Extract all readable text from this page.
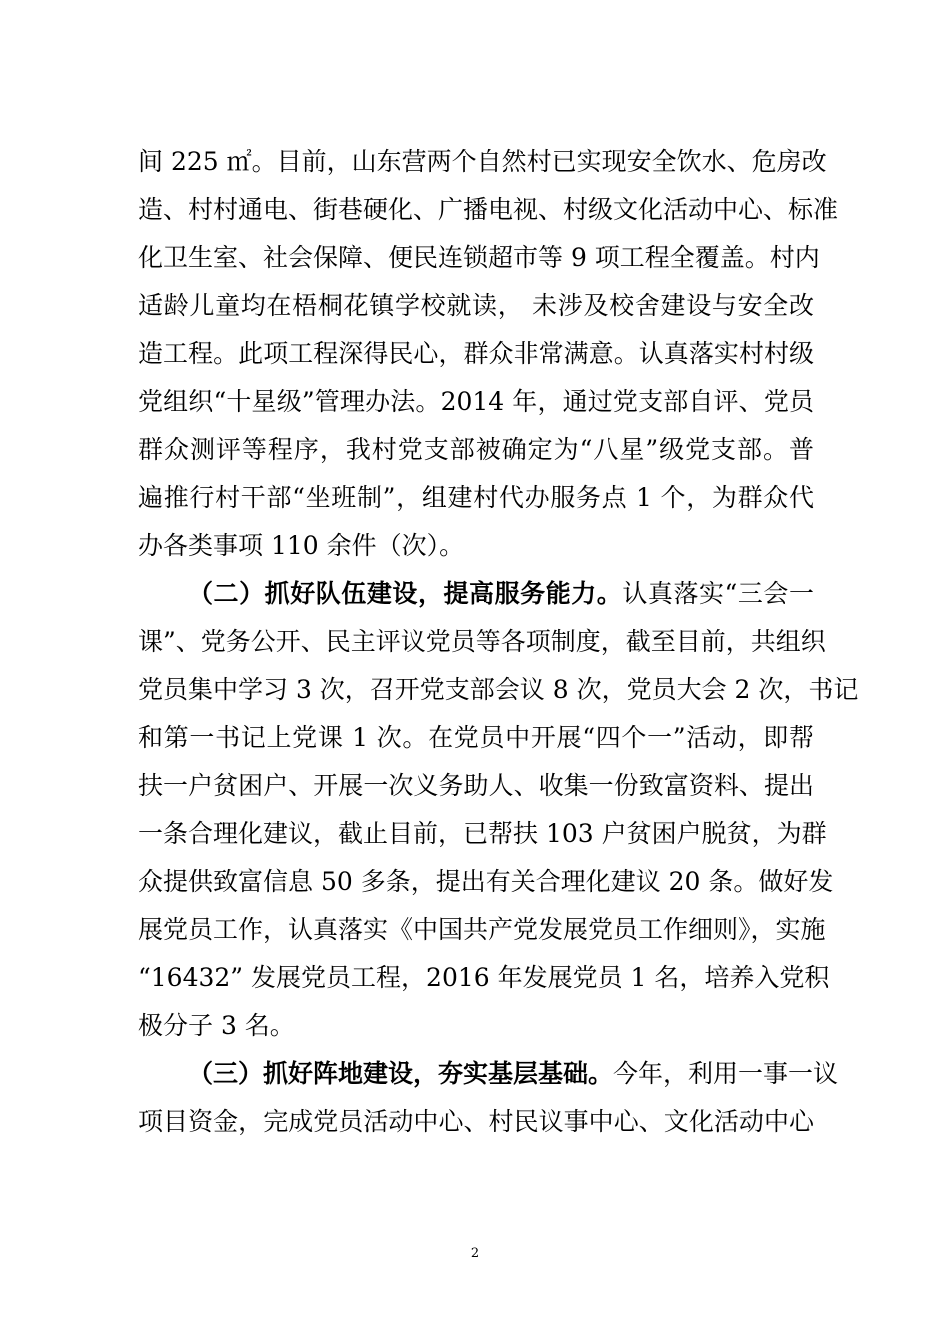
间 225 ㎡。目前，山东营两个自然村已实现安全饮水、危房改
造、村村通电、街巷硬化、广播电视、村级文化活动中心、标准
化卫生室、社会保障、便民连锁超市等 9 项工程全覆盖。村内
适龄儿童均在梧桐花镇学校就读， 未涉及校舍建设与安全改
造工程。此项工程深得民心，群众非常满意。认真落实村村级
党组织“十星级”管理办法。2014 年，通过党支部自评、党员
群众测评等程序，我村党支部被确定为“八星”级党支部。普
遍推行村干部“坐班制”，组建村代办服务点 1 个，为群众代
办各类事项 110 余件（次）。
（二）抓好队伍建设，提高服务能力。认真落实“三会一
课”、党务公开、民主评议党员等各项制度，截至目前，共组织
党员集中学习 3 次，召开党支部会议 8 次，党员大会 2 次，书记
和第一书记上党课 1 次。在党员中开展“四个一”活动，即帮
扶一户贫困户、开展一次义务助人、收集一份致富资料、提出
一条合理化建议，截止目前，已帮扶 103 户贫困户脱贫，为群
众提供致富信息 50 多条，提出有关合理化建议 20 条。做好发
展党员工作，认真落实《中国共产党发展党员工作细则》，实施
“16432” 发展党员工程，2016 年发展党员 1 名，培养入党积
极分子 3 名。
（三）抓好阵地建设，夯实基层基础。今年，利用一事一议
项目资金，完成党员活动中心、村民议事中心、文化活动中心
2
